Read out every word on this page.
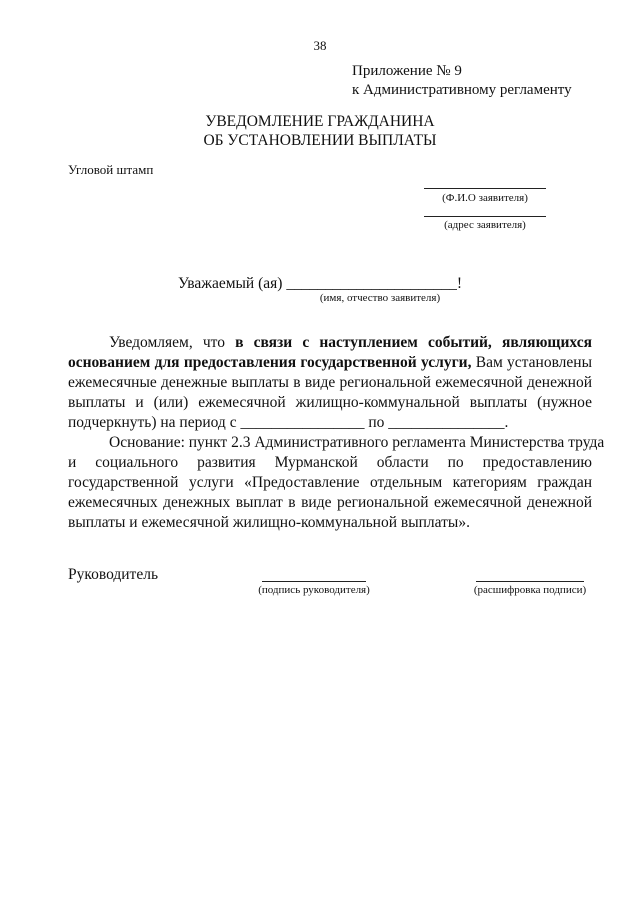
38
Приложение № 9
к Административному регламенту
УВЕДОМЛЕНИЕ ГРАЖДАНИНА
ОБ УСТАНОВЛЕНИИ ВЫПЛАТЫ
Угловой штамп
(Ф.И.О заявителя)
(адрес заявителя)
Уважаемый (ая) ______________________!
(имя, отчество заявителя)
Уведомляем, что в связи с наступлением событий, являющихся
основанием для предоставления государственной услуги, Вам установлены
ежемесячные денежные выплаты в виде региональной ежемесячной денежной
выплаты и (или) ежемесячной жилищно-коммунальной выплаты (нужное
подчеркнуть) на период с ________________ по _______________.
Основание: пункт 2.3 Административного регламента Министерства труда
и социального развития Мурманской области по предоставлению
государственной услуги «Предоставление отдельным категориям граждан
ежемесячных денежных выплат в виде региональной ежемесячной денежной
выплаты и ежемесячной жилищно-коммунальной выплаты».
Руководитель
(подпись руководителя)	(расшифровка подписи)
